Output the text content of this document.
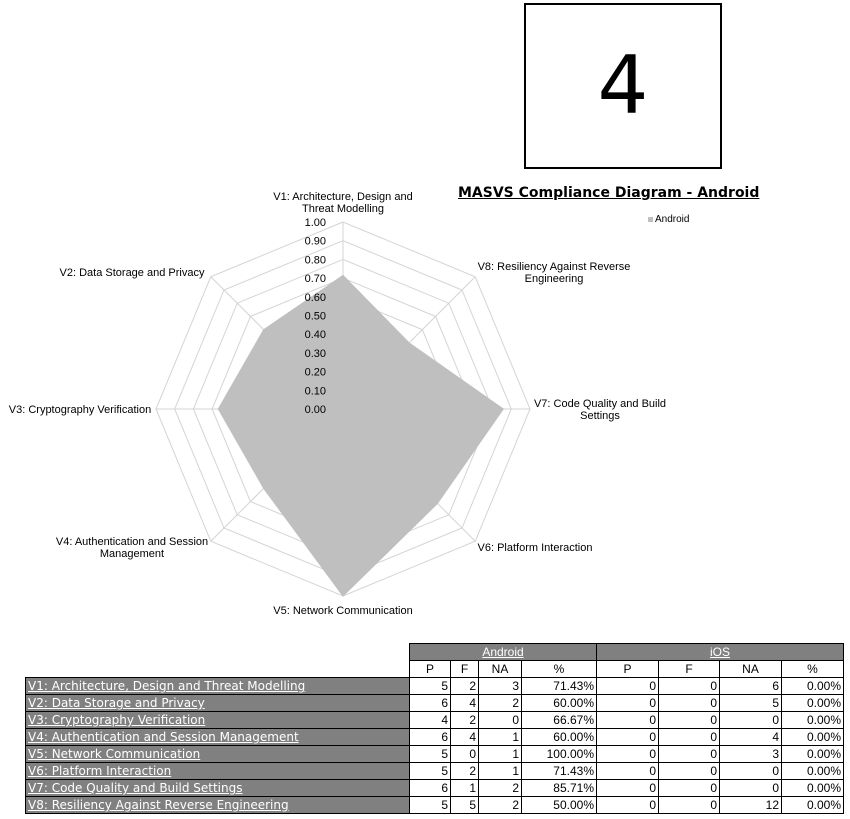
4
MASVS Compliance Diagram - Android
Android
0.00
0.10
0.20
0.30
0.40
0.50
0.60
0.70
0.80
0.90
1.00
V1: Architecture, Design and
Threat Modelling
V8: Resiliency Against Reverse
Engineering
V7: Code Quality and Build
Settings
V6: Platform Interaction
V5: Network Communication
V4: Authentication and Session
Management
V3: Cryptography Verification
V2: Data Storage and Privacy
	Android				iOS			
	P	F	NA	%	P	F	NA	%
V1: Architecture, Design and Threat Modelling	5	2	3	71.43%	0	0	6	0.00%
V2: Data Storage and Privacy	6	4	2	60.00%	0	0	5	0.00%
V3: Cryptography Verification	4	2	0	66.67%	0	0	0	0.00%
V4: Authentication and Session Management	6	4	1	60.00%	0	0	4	0.00%
V5: Network Communication	5	0	1	100.00%	0	0	3	0.00%
V6: Platform Interaction	5	2	1	71.43%	0	0	0	0.00%
V7: Code Quality and Build Settings	6	1	2	85.71%	0	0	0	0.00%
V8: Resiliency Against Reverse Engineering	5	5	2	50.00%	0	0	12	0.00%
